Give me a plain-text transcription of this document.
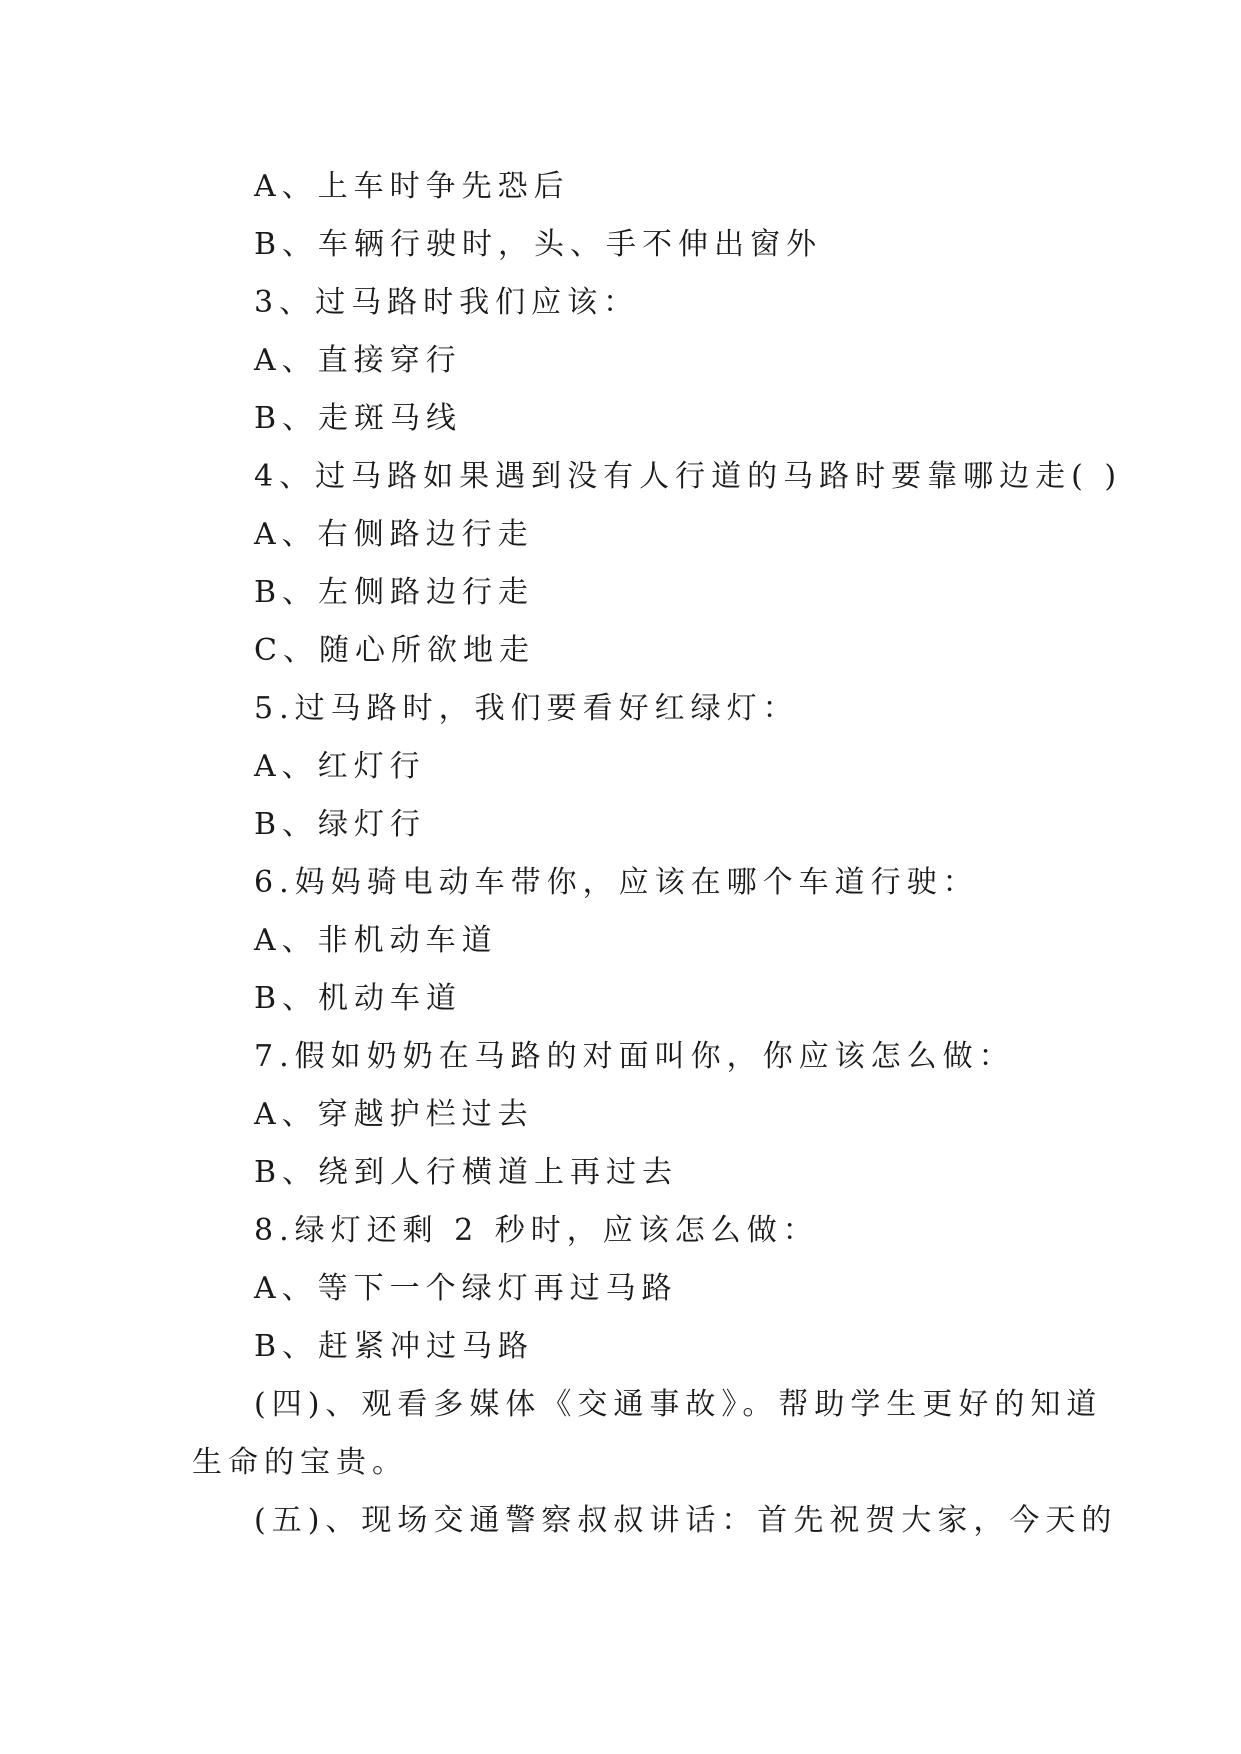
A、上车时争先恐后
B、车辆行驶时，头、手不伸出窗外
3、过马路时我们应该：
A、直接穿行
B、走斑马线
4、过马路如果遇到没有人行道的马路时要靠哪边走( )
A、右侧路边行走
B、左侧路边行走
C、随心所欲地走
5.过马路时，我们要看好红绿灯：
A、红灯行
B、绿灯行
6.妈妈骑电动车带你，应该在哪个车道行驶：
A、非机动车道
B、机动车道
7.假如奶奶在马路的对面叫你，你应该怎么做：
A、穿越护栏过去
B、绕到人行横道上再过去
8.绿灯还剩 2 秒时，应该怎么做：
A、等下一个绿灯再过马路
B、赶紧冲过马路
(四)、观看多媒体《交通事故》。帮助学生更好的知道
生命的宝贵。
(五)、现场交通警察叔叔讲话：首先祝贺大家，今天的
